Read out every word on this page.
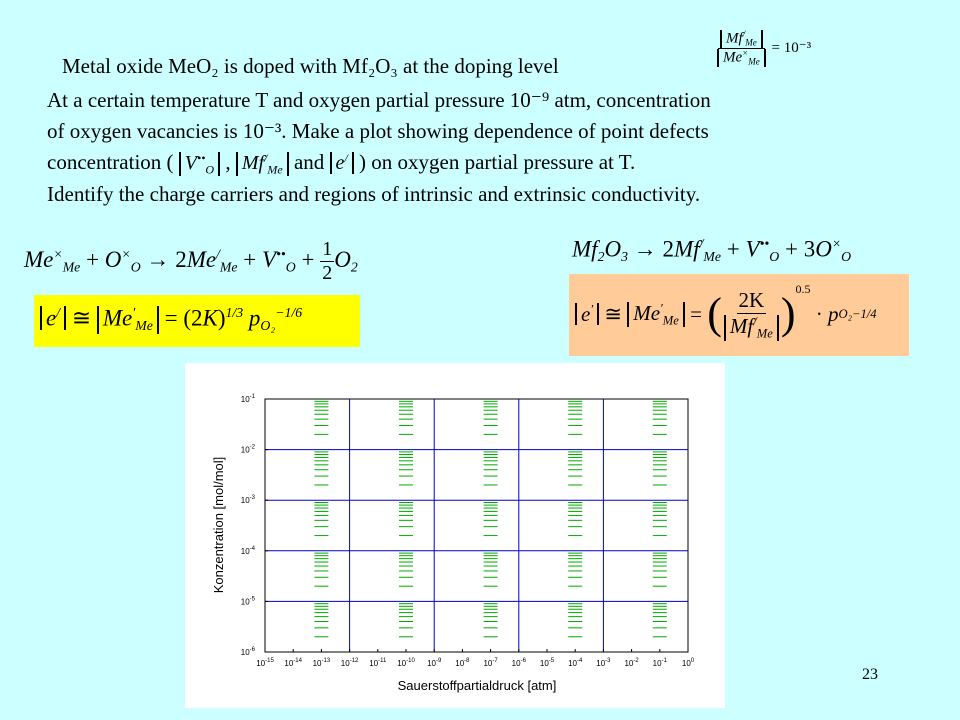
Metal oxide MeO₂ is doped with Mf₂O₃ at the doping level	$\frac{Mf^/_{Me}}{Me^\times_{Me}} = 10^{-3}$
At a certain temperature T and oxygen partial pressure 10⁻⁹ atm, concentration
of oxygen vacancies is 10⁻³. Make a plot showing dependence of point defects
concentration ( $V^{••}_O$ , $Mf^/_{Me}$ and e/ ) on oxygen partial pressure at T.
Identify the charge carriers and regions of intrinsic and extrinsic conductivity.
$Me^\times_{Me} + O^\times_O \to 2Me^/_{Me} + V^{••}_O + \frac{1}{2} O_2$
e/ ≅ $Me'_{Me} = (2K)^{1/3}$ $p_{O_2}^{-1/6}$
$Mf_2O_3 \to 2Mf^/_{Me} + V^{••}_O + 3O^\times_O$
e′ ≅ $Me'_{Me}$ = ( $\frac{2K}{Mf^/_{Me}}$ )
0.5
· p O₂ −1/4
$10^{-15}$ $10^{-14}$ $10^{-13}$ $10^{-12}$ $10^{-11}$ $10^{-10}$ $10^{-9}$ $10^{-8}$ $10^{-7}$ $10^{-6}$ $10^{-5}$ $10^{-4}$ $10^{-3}$ $10^{-2}$ $10^{-1}$ $10^0$
$10^{-6}$
$10^{-5}$
$10^{-4}$
$10^{-3}$
$10^{-2}$
$10^{-1}$
Sauerstoffpartialdruck [atm]
Konzentration [mol/mol]
23
